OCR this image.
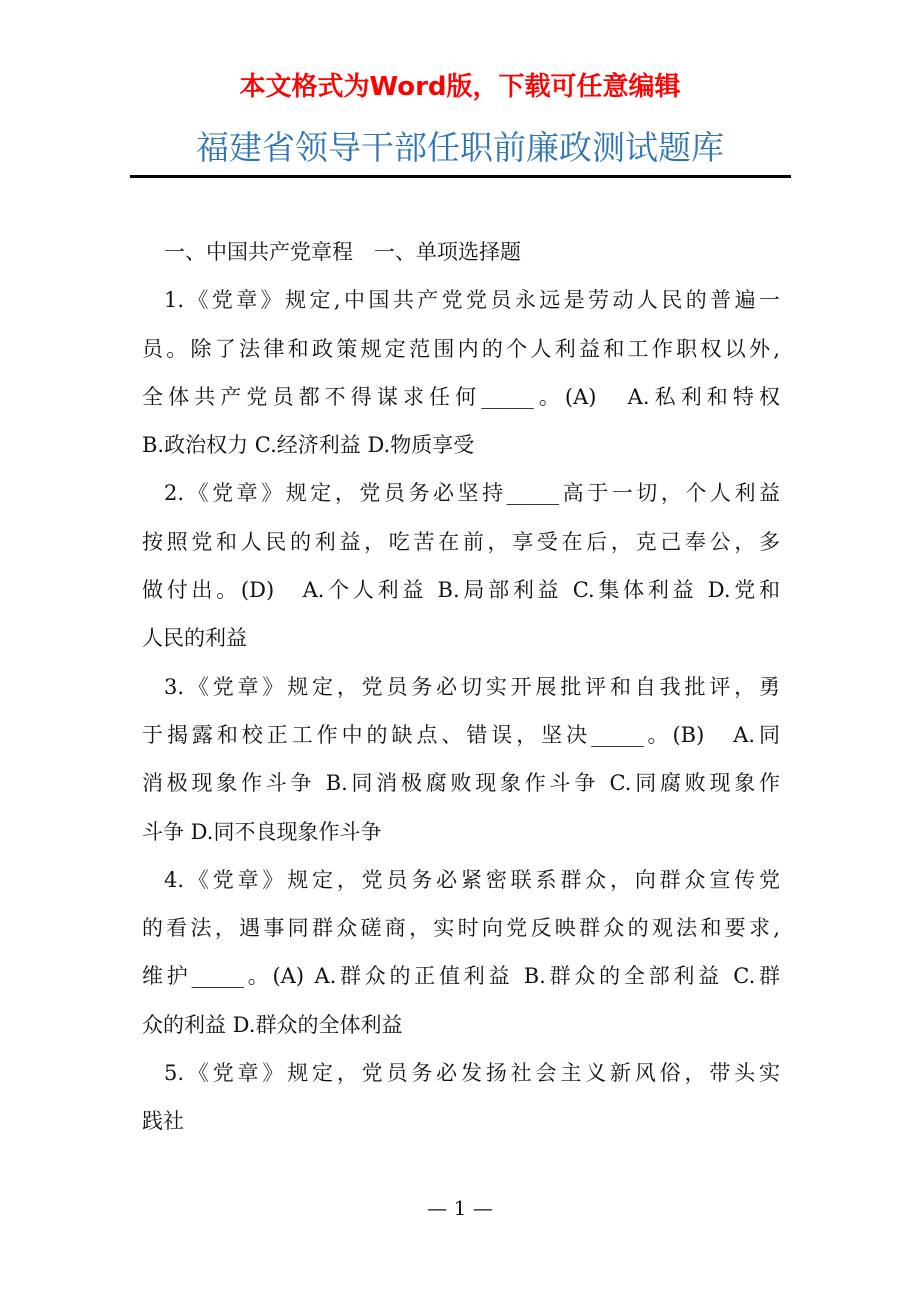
本文格式为Word版，下载可任意编辑
福建省领导干部任职前廉政测试题库
一、中国共产党章程　一、单项选择题
1.《党章》规定,中国共产党党员永远是劳动人民的普遍一
员。除了法律和政策规定范围内的个人利益和工作职权以外,
全体共产党员都不得谋求任何_____。(A)　A.私利和特权
B.政治权力 C.经济利益 D.物质享受
2.《党章》规定，党员务必坚持_____高于一切，个人利益
按照党和人民的利益，吃苦在前，享受在后，克己奉公，多
做付出。(D)　A.个人利益 B.局部利益 C.集体利益 D.党和
人民的利益
3.《党章》规定，党员务必切实开展批评和自我批评，勇
于揭露和校正工作中的缺点、错误，坚决_____。(B)　A.同
消极现象作斗争 B.同消极腐败现象作斗争 C.同腐败现象作
斗争 D.同不良现象作斗争
4.《党章》规定，党员务必紧密联系群众，向群众宣传党
的看法，遇事同群众磋商，实时向党反映群众的观法和要求,
维护_____。(A) A.群众的正值利益 B.群众的全部利益 C.群
众的利益 D.群众的全体利益
5.《党章》规定，党员务必发扬社会主义新风俗，带头实
践社
— 1 —
